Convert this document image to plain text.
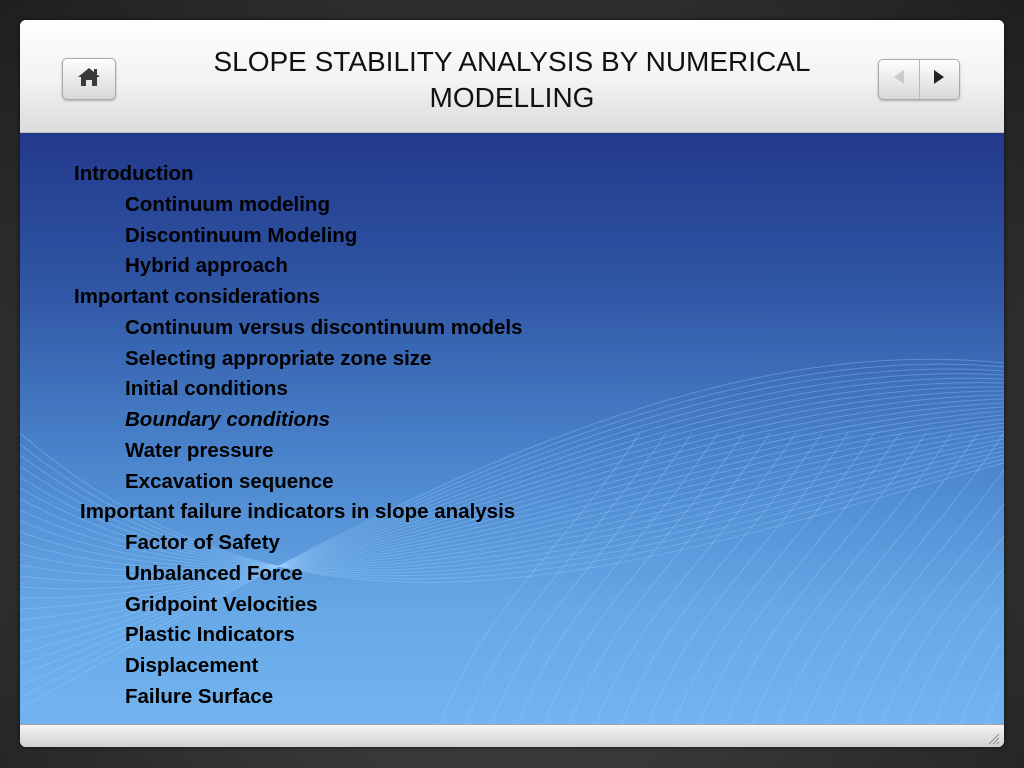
SLOPE STABILITY ANALYSIS BY NUMERICAL MODELLING
Introduction
Continuum modeling
Discontinuum Modeling
Hybrid approach
Important considerations
Continuum versus discontinuum models
Selecting appropriate zone size
Initial conditions
Boundary conditions
Water pressure
Excavation sequence
Important failure indicators in slope analysis
Factor of Safety
Unbalanced Force
Gridpoint Velocities
Plastic Indicators
Displacement
Failure Surface
